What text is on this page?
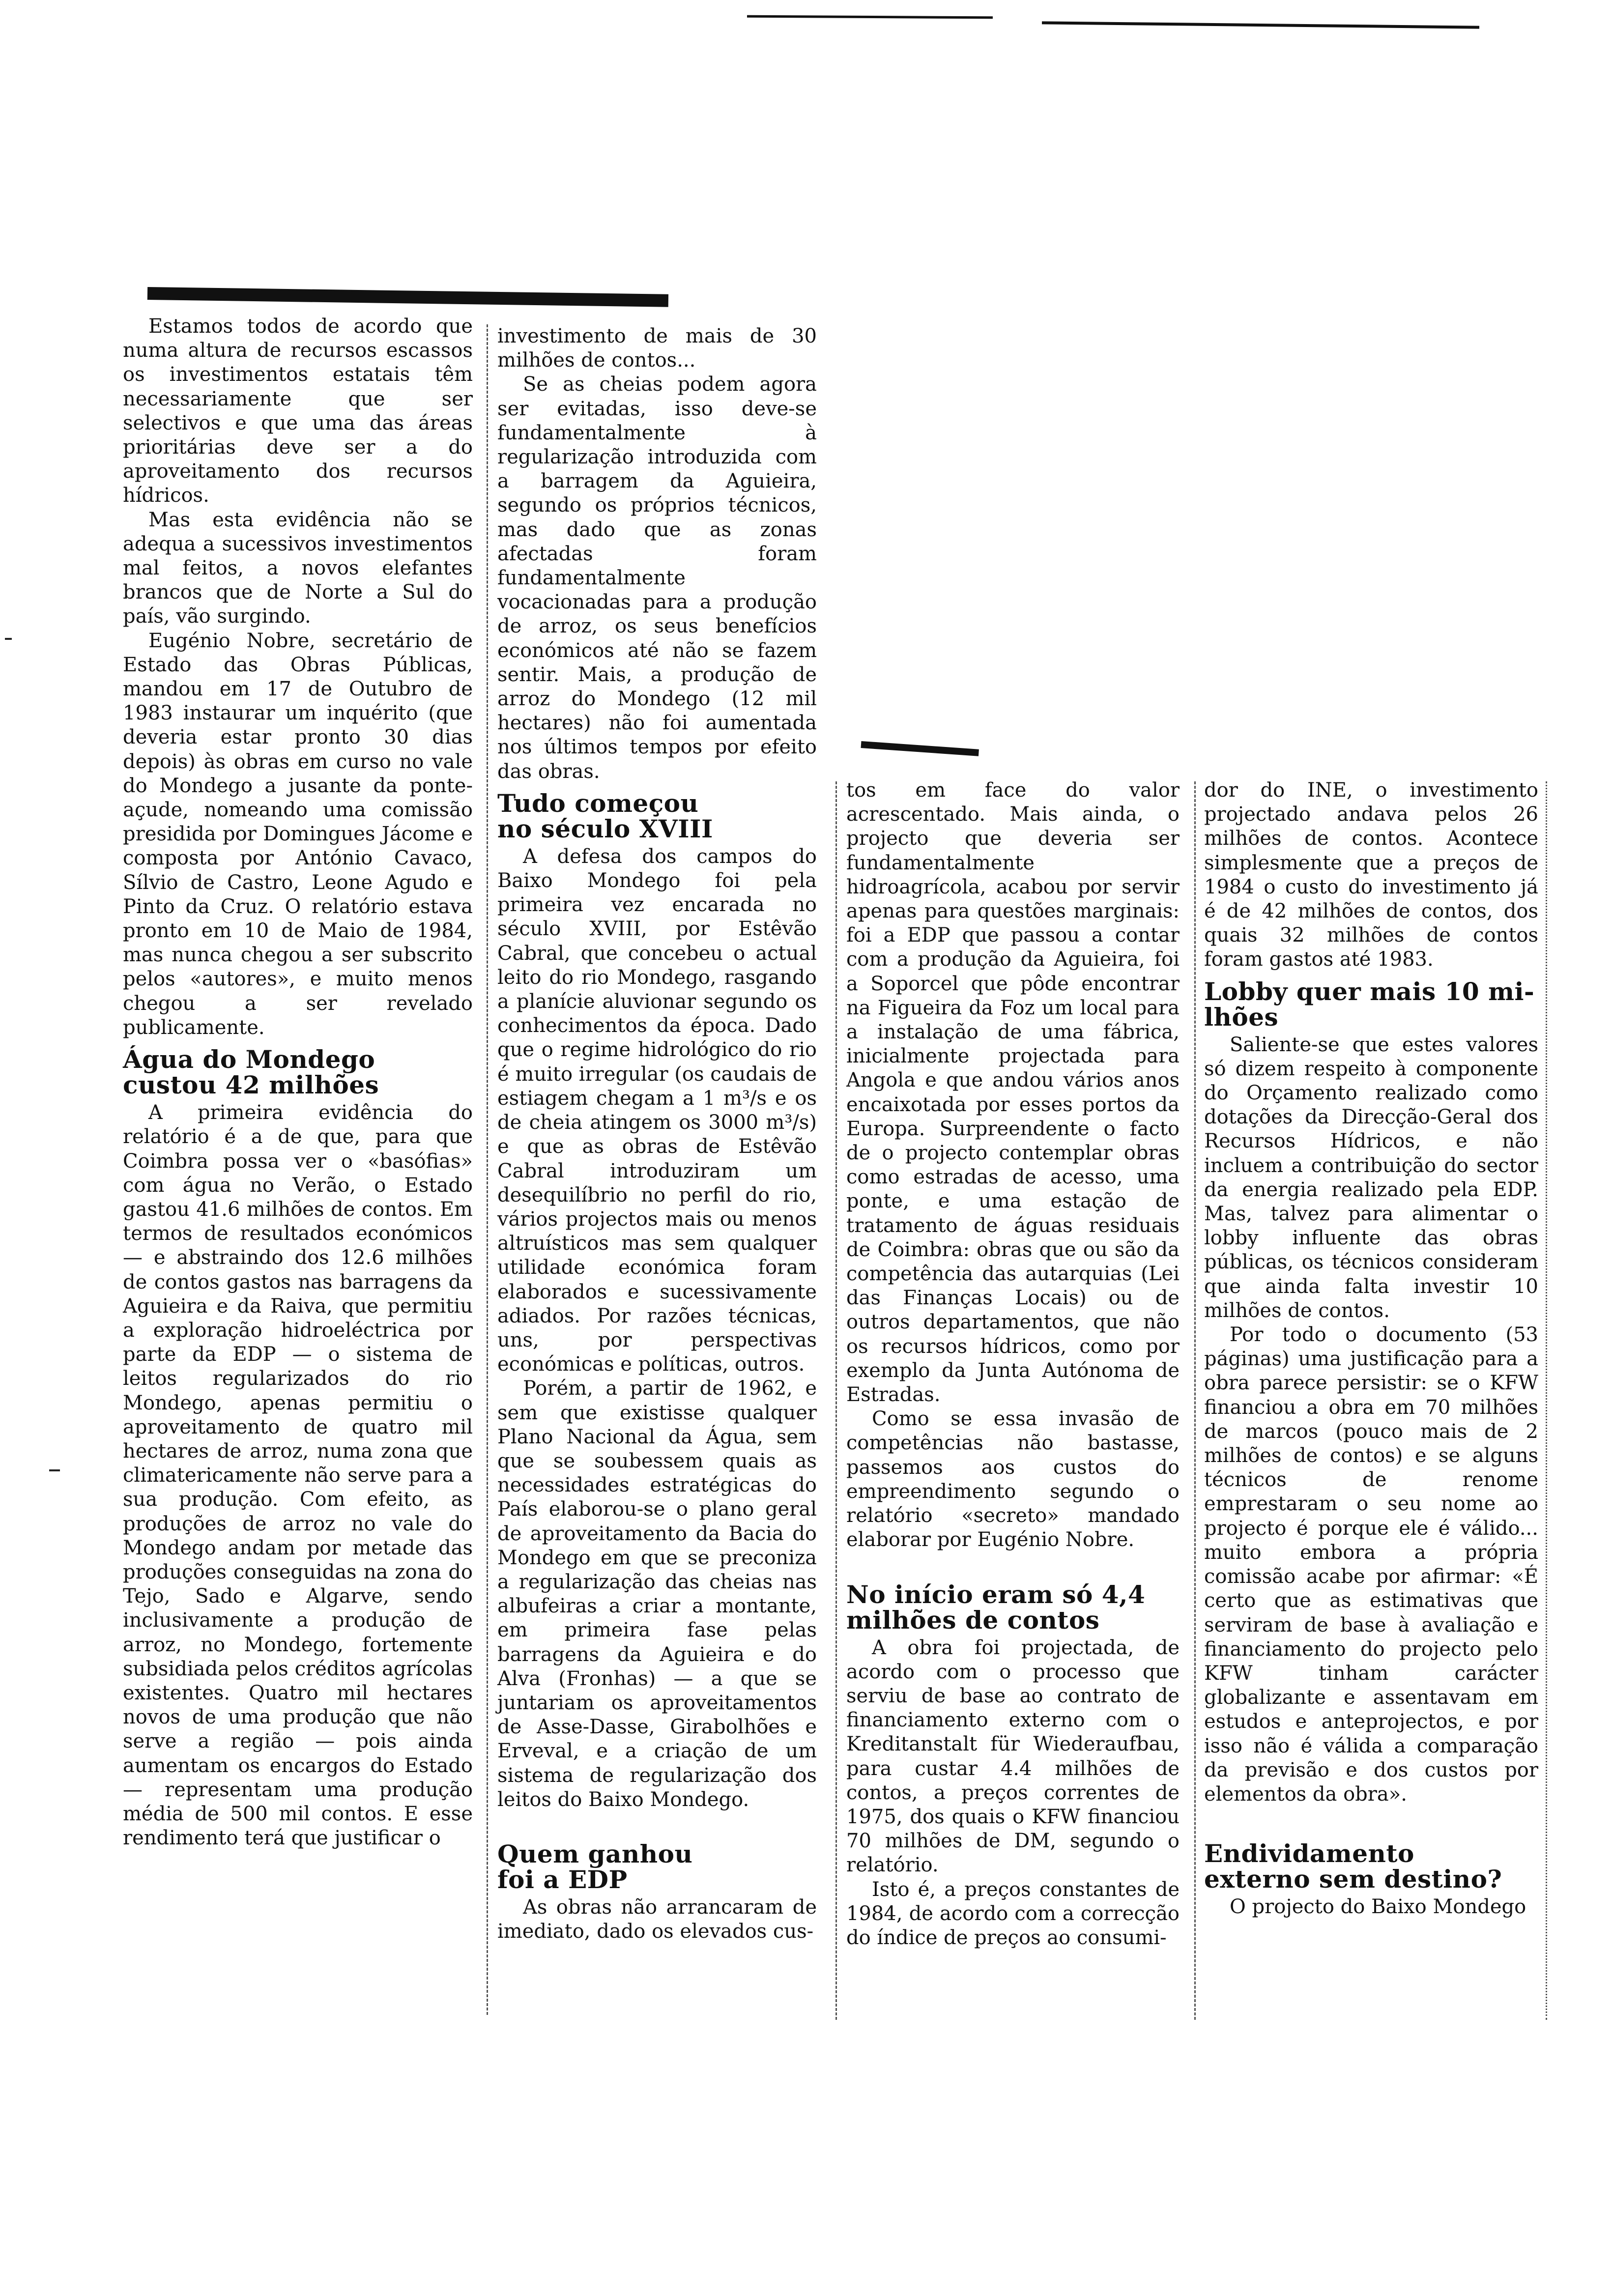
Estamos todos de acordo que numa altura de recursos escassos os investimentos estatais têm necessariamente que ser selectivos e que uma das áreas prioritárias deve ser a do aproveitamento dos recursos hídricos.

Mas esta evidência não se adequa a sucessivos investimentos mal feitos, a novos elefantes brancos que de Norte a Sul do país, vão surgindo.

Eugénio Nobre, secretário de Estado das Obras Públicas, mandou em 17 de Outubro de 1983 instaurar um inquérito (que deveria estar pronto 30 dias depois) às obras em curso no vale do Mondego a jusante da ponte-açude, nomeando uma comissão presidida por Domingues Jácome e composta por António Cavaco, Sílvio de Castro, Leone Agudo e Pinto da Cruz. O relatório estava pronto em 10 de Maio de 1984, mas nunca chegou a ser subscrito pelos «autores», e muito menos chegou a ser revelado publicamente.

Água do Mondego
custou 42 milhões

A primeira evidência do relatório é a de que, para que Coimbra possa ver o «basófias» com água no Verão, o Estado gastou 41.6 milhões de contos. Em termos de resultados económicos — e abstraindo dos 12.6 milhões de contos gastos nas barragens da Aguieira e da Raiva, que permitiu a exploração hidroeléctrica por parte da EDP — o sistema de leitos regularizados do rio Mondego, apenas permitiu o aproveitamento de quatro mil hectares de arroz, numa zona que climatericamente não serve para a sua produção. Com efeito, as produções de arroz no vale do Mondego andam por metade das produções conseguidas na zona do Tejo, Sado e Algarve, sendo inclusivamente a produção de arroz, no Mondego, fortemente subsidiada pelos créditos agrícolas existentes. Quatro mil hectares novos de uma produção que não serve a região — pois ainda aumentam os encargos do Estado — representam uma produção média de 500 mil contos. E esse rendimento terá que justificar o

investimento de mais de 30 milhões de contos...

Se as cheias podem agora ser evitadas, isso deve-se fundamentalmente à regularização introduzida com a barragem da Aguieira, segundo os próprios técnicos, mas dado que as zonas afectadas foram fundamentalmente vocacionadas para a produção de arroz, os seus benefícios económicos até não se fazem sentir. Mais, a produção de arroz do Mondego (12 mil hectares) não foi aumentada nos últimos tempos por efeito das obras.

Tudo começou
no século XVIII

A defesa dos campos do Baixo Mondego foi pela primeira vez encarada no século XVIII, por Estêvão Cabral, que concebeu o actual leito do rio Mondego, rasgando a planície aluvionar segundo os conhecimentos da época. Dado que o regime hidrológico do rio é muito irregular (os caudais de estiagem chegam a 1 m³/s e os de cheia atingem os 3000 m³/s) e que as obras de Estêvão Cabral introduziram um desequilíbrio no perfil do rio, vários projectos mais ou menos altruísticos mas sem qualquer utilidade económica foram elaborados e sucessivamente adiados. Por razões técnicas, uns, por perspectivas económicas e políticas, outros.

Porém, a partir de 1962, e sem que existisse qualquer Plano Nacional da Água, sem que se soubessem quais as necessidades estratégicas do País elaborou-se o plano geral de aproveitamento da Bacia do Mondego em que se preconiza a regularização das cheias nas albufeiras a criar a montante, em primeira fase pelas barragens da Aguieira e do Alva (Fronhas) — a que se juntariam os aproveitamentos de Asse-Dasse, Girabolhões e Erveval, e a criação de um sistema de regularização dos leitos do Baixo Mondego.

Quem ganhou
foi a EDP

As obras não arrancaram de imediato, dado os elevados cus-

tos em face do valor acrescentado. Mais ainda, o projecto que deveria ser fundamentalmente hidroagrícola, acabou por servir apenas para questões marginais: foi a EDP que passou a contar com a produção da Aguieira, foi a Soporcel que pôde encontrar na Figueira da Foz um local para a instalação de uma fábrica, inicialmente projectada para Angola e que andou vários anos encaixotada por esses portos da Europa. Surpreendente o facto de o projecto contemplar obras como estradas de acesso, uma ponte, e uma estação de tratamento de águas residuais de Coimbra: obras que ou são da competência das autarquias (Lei das Finanças Locais) ou de outros departamentos, que não os recursos hídricos, como por exemplo da Junta Autónoma de Estradas.

Como se essa invasão de competências não bastasse, passemos aos custos do empreendimento segundo o relatório «secreto» mandado elaborar por Eugénio Nobre.

No início eram só 4,4
milhões de contos

A obra foi projectada, de acordo com o processo que serviu de base ao contrato de financiamento externo com o Kreditanstalt für Wiederaufbau, para custar 4.4 milhões de contos, a preços correntes de 1975, dos quais o KFW financiou 70 milhões de DM, segundo o relatório.

Isto é, a preços constantes de 1984, de acordo com a correcção do índice de preços ao consumi-

dor do INE, o investimento projectado andava pelos 26 milhões de contos. Acontece simplesmente que a preços de 1984 o custo do investimento já é de 42 milhões de contos, dos quais 32 milhões de contos foram gastos até 1983.

Lobby quer mais 10 mi-
lhões

Saliente-se que estes valores só dizem respeito à componente do Orçamento realizado como dotações da Direcção-Geral dos Recursos Hídricos, e não incluem a contribuição do sector da energia realizado pela EDP. Mas, talvez para alimentar o lobby influente das obras públicas, os técnicos consideram que ainda falta investir 10 milhões de contos.

Por todo o documento (53 páginas) uma justificação para a obra parece persistir: se o KFW financiou a obra em 70 milhões de marcos (pouco mais de 2 milhões de contos) e se alguns técnicos de renome emprestaram o seu nome ao projecto é porque ele é válido... muito embora a própria comissão acabe por afirmar: «É certo que as estimativas que serviram de base à avaliação e financiamento do projecto pelo KFW tinham carácter globalizante e assentavam em estudos e anteprojectos, e por isso não é válida a comparação da previsão e dos custos por elementos da obra».

Endividamento
externo sem destino?

O projecto do Baixo Mondego
